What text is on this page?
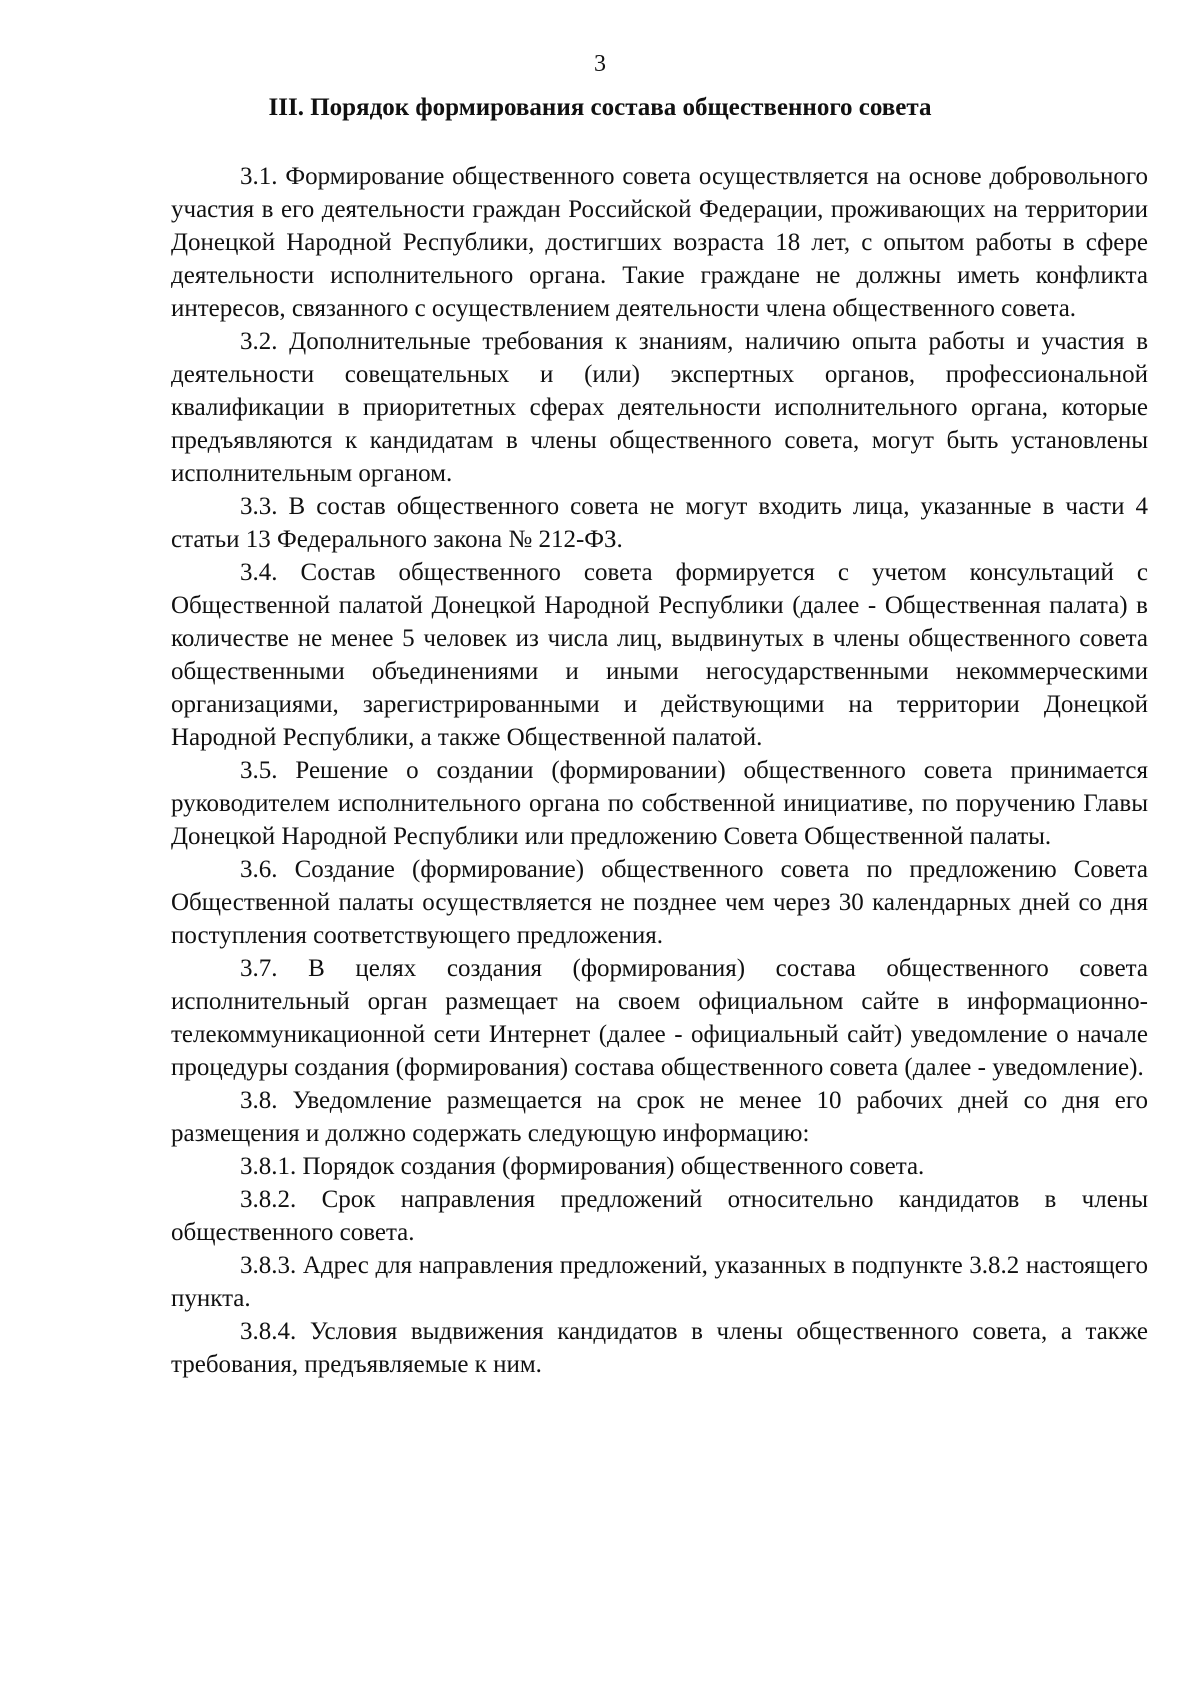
3
III. Порядок формирования состава общественного совета

3.1. Формирование общественного совета осуществляется на основе добровольного участия в его деятельности граждан Российской Федерации, проживающих на территории Донецкой Народной Республики, достигших возраста 18 лет, с опытом работы в сфере деятельности исполнительного органа. Такие граждане не должны иметь конфликта интересов, связанного с осуществлением деятельности члена общественного совета.

3.2. Дополнительные требования к знаниям, наличию опыта работы и участия в деятельности совещательных и (или) экспертных органов, профессиональной квалификации в приоритетных сферах деятельности исполнительного органа, которые предъявляются к кандидатам в члены общественного совета, могут быть установлены исполнительным органом.

3.3. В состав общественного совета не могут входить лица, указанные в части 4 статьи 13 Федерального закона № 212-ФЗ.

3.4. Состав общественного совета формируется с учетом консультаций с Общественной палатой Донецкой Народной Республики (далее - Общественная палата) в количестве не менее 5 человек из числа лиц, выдвинутых в члены общественного совета общественными объединениями и иными негосударственными некоммерческими организациями, зарегистрированными и действующими на территории Донецкой Народной Республики, а также Общественной палатой.

3.5. Решение о создании (формировании) общественного совета принимается руководителем исполнительного органа по собственной инициативе, по поручению Главы Донецкой Народной Республики или предложению Совета Общественной палаты.

3.6. Создание (формирование) общественного совета по предложению Совета Общественной палаты осуществляется не позднее чем через 30 календарных дней со дня поступления соответствующего предложения.

3.7. В целях создания (формирования) состава общественного совета исполнительный орган размещает на своем официальном сайте в информационно-телекоммуникационной сети Интернет (далее - официальный сайт) уведомление о начале процедуры создания (формирования) состава общественного совета (далее - уведомление).

3.8. Уведомление размещается на срок не менее 10 рабочих дней со дня его размещения и должно содержать следующую информацию:

3.8.1. Порядок создания (формирования) общественного совета.

3.8.2. Срок направления предложений относительно кандидатов в члены общественного совета.

3.8.3. Адрес для направления предложений, указанных в подпункте 3.8.2 настоящего пункта.

3.8.4. Условия выдвижения кандидатов в члены общественного совета, а также требования, предъявляемые к ним.
